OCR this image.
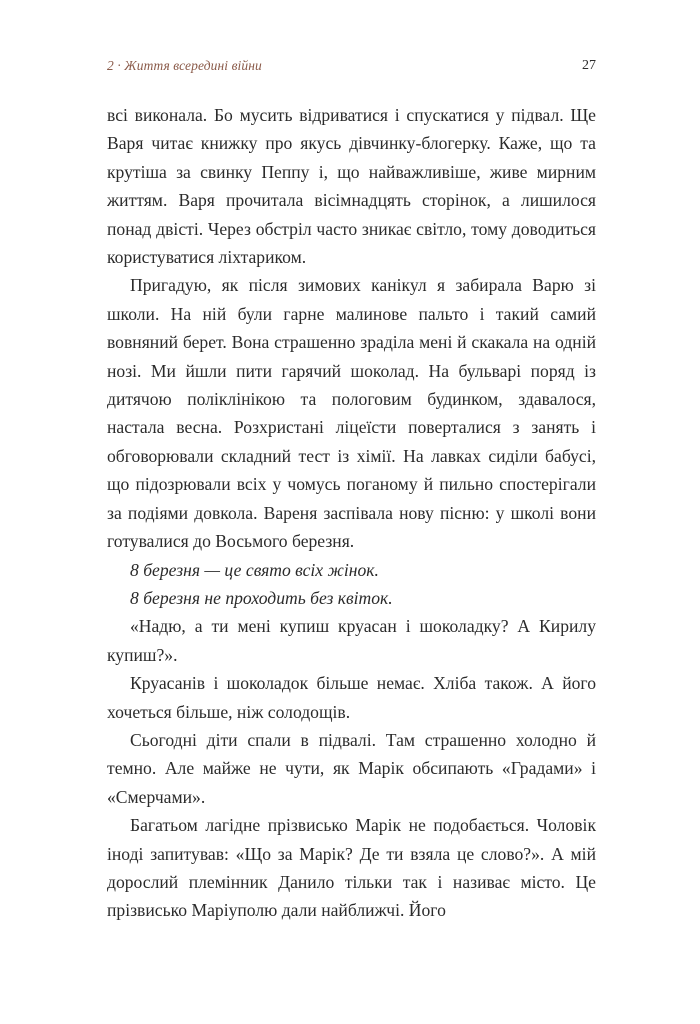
2 · Життя всередині війни	27

всі виконала. Бо мусить відриватися і спускатися у підвал. Ще Варя читає книжку про якусь дівчинку-блогерку. Каже, що та крутіша за свинку Пеппу і, що найважливіше, живе мирним життям. Варя прочитала вісімнадцять сторінок, а лишилося понад двісті. Через обстріл часто зникає світло, тому доводиться користуватися ліхтариком.

Пригадую, як після зимових канікул я забирала Варю зі школи. На ній були гарне малинове пальто і такий самий вовняний берет. Вона страшенно зраділа мені й скакала на одній нозі. Ми йшли пити гарячий шоколад. На бульварі поряд із дитячою поліклінікою та пологовим будинком, здавалося, настала весна. Розхристані ліцеїсти поверталися з занять і обговорювали складний тест із хімії. На лавках сиділи бабусі, що підозрювали всіх у чомусь поганому й пильно спостерігали за подіями довкола. Вареня заспівала нову пісню: у школі вони готувалися до Восьмого березня.

8 березня — це свято всіх жінок.

8 березня не проходить без квіток.

«Надю, а ти мені купиш круасан і шоколадку? А Кирилу купиш?».

Круасанів і шоколадок більше немає. Хліба також. А його хочеться більше, ніж солодощів.

Сьогодні діти спали в підвалі. Там страшенно холодно й темно. Але майже не чути, як Марік обсипають «Градами» і «Смерчами».

Багатьом лагідне прізвисько Марік не подобається. Чоловік іноді запитував: «Що за Марік? Де ти взяла це слово?». А мій дорослий племінник Данило тільки так і називає місто. Це прізвисько Маріуполю дали найближчі. Його
